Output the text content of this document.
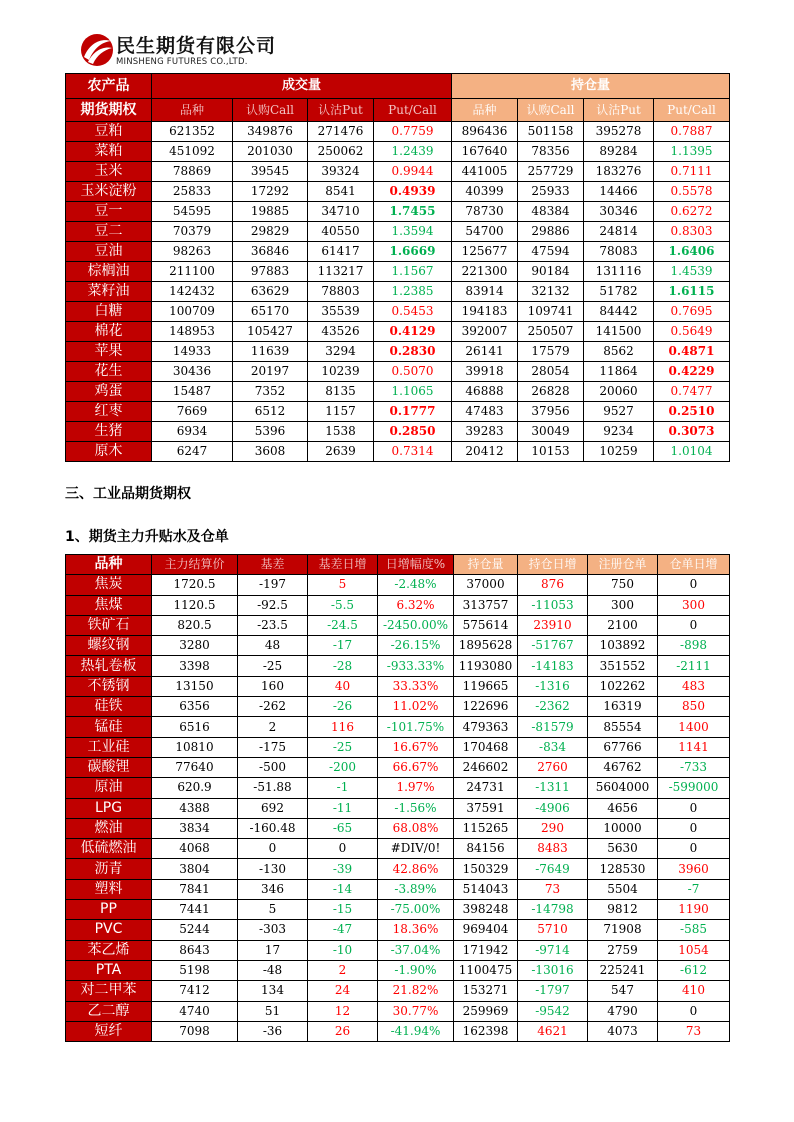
民生期货有限公司
MINSHENG FUTURES CO.,LTD.
农产品	成交量				持仓量			
期货期权	品种	认购Call	认沽Put	Put/Call	品种	认购Call	认沽Put	Put/Call
豆粕	621352	349876	271476	0.7759	896436	501158	395278	0.7887
菜粕	451092	201030	250062	1.2439	167640	78356	89284	1.1395
玉米	78869	39545	39324	0.9944	441005	257729	183276	0.7111
玉米淀粉	25833	17292	8541	0.4939	40399	25933	14466	0.5578
豆一	54595	19885	34710	1.7455	78730	48384	30346	0.6272
豆二	70379	29829	40550	1.3594	54700	29886	24814	0.8303
豆油	98263	36846	61417	1.6669	125677	47594	78083	1.6406
棕榈油	211100	97883	113217	1.1567	221300	90184	131116	1.4539
菜籽油	142432	63629	78803	1.2385	83914	32132	51782	1.6115
白糖	100709	65170	35539	0.5453	194183	109741	84442	0.7695
棉花	148953	105427	43526	0.4129	392007	250507	141500	0.5649
苹果	14933	11639	3294	0.2830	26141	17579	8562	0.4871
花生	30436	20197	10239	0.5070	39918	28054	11864	0.4229
鸡蛋	15487	7352	8135	1.1065	46888	26828	20060	0.7477
红枣	7669	6512	1157	0.1777	47483	37956	9527	0.2510
生猪	6934	5396	1538	0.2850	39283	30049	9234	0.3073
原木	6247	3608	2639	0.7314	20412	10153	10259	1.0104
三、工业品期货期权
1、期货主力升贴水及仓单
品种	主力结算价	基差	基差日增	日增幅度%	持仓量	持仓日增	注册仓单	仓单日增
焦炭	1720.5	-197	5	-2.48%	37000	876	750	0
焦煤	1120.5	-92.5	-5.5	6.32%	313757	-11053	300	300
铁矿石	820.5	-23.5	-24.5	-2450.00%	575614	23910	2100	0
螺纹钢	3280	48	-17	-26.15%	1895628	-51767	103892	-898
热轧卷板	3398	-25	-28	-933.33%	1193080	-14183	351552	-2111
不锈钢	13150	160	40	33.33%	119665	-1316	102262	483
硅铁	6356	-262	-26	11.02%	122696	-2362	16319	850
锰硅	6516	2	116	-101.75%	479363	-81579	85554	1400
工业硅	10810	-175	-25	16.67%	170468	-834	67766	1141
碳酸锂	77640	-500	-200	66.67%	246602	2760	46762	-733
原油	620.9	-51.88	-1	1.97%	24731	-1311	5604000	-599000
LPG	4388	692	-11	-1.56%	37591	-4906	4656	0
燃油	3834	-160.48	-65	68.08%	115265	290	10000	0
低硫燃油	4068	0	0	#DIV/0!	84156	8483	5630	0
沥青	3804	-130	-39	42.86%	150329	-7649	128530	3960
塑料	7841	346	-14	-3.89%	514043	73	5504	-7
PP	7441	5	-15	-75.00%	398248	-14798	9812	1190
PVC	5244	-303	-47	18.36%	969404	5710	71908	-585
苯乙烯	8643	17	-10	-37.04%	171942	-9714	2759	1054
PTA	5198	-48	2	-1.90%	1100475	-13016	225241	-612
对二甲苯	7412	134	24	21.82%	153271	-1797	547	410
乙二醇	4740	51	12	30.77%	259969	-9542	4790	0
短纤	7098	-36	26	-41.94%	162398	4621	4073	73
